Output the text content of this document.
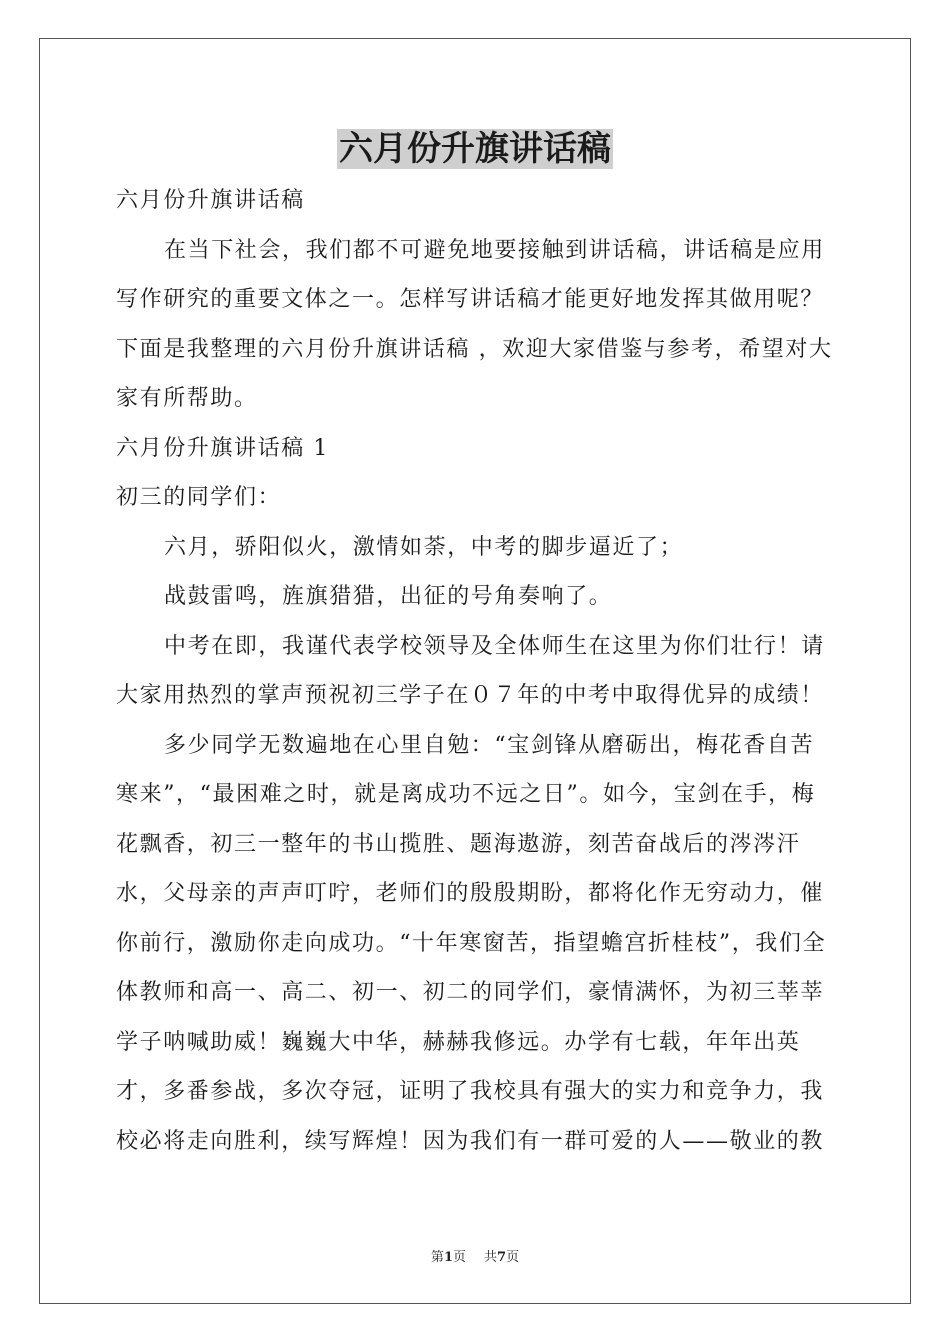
六月份升旗讲话稿

六月份升旗讲话稿

在当下社会，我们都不可避免地要接触到讲话稿，讲话稿是应用写作研究的重要文体之一。怎样写讲话稿才能更好地发挥其做用呢？下面是我整理的六月份升旗讲话稿 ，欢迎大家借鉴与参考，希望对大家有所帮助。

六月份升旗讲话稿 1

初三的同学们：

六月，骄阳似火，激情如荼，中考的脚步逼近了；

战鼓雷鸣，旌旗猎猎，出征的号角奏响了。

中考在即，我谨代表学校领导及全体师生在这里为你们壮行！请大家用热烈的掌声预祝初三学子在０７年的中考中取得优异的成绩！

多少同学无数遍地在心里自勉：“宝剑锋从磨砺出，梅花香自苦寒来”，“最困难之时，就是离成功不远之日”。如今，宝剑在手，梅花飘香，初三一整年的书山揽胜、题海遨游，刻苦奋战后的涔涔汗水，父母亲的声声叮咛，老师们的殷殷期盼，都将化作无穷动力，催你前行，激励你走向成功。“十年寒窗苦，指望蟾宫折桂枝”，我们全体教师和高一、高二、初一、初二的同学们，豪情满怀，为初三莘莘学子呐喊助威！巍巍大中华，赫赫我修远。办学有七载，年年出英才，多番参战，多次夺冠，证明了我校具有强大的实力和竞争力，我校必将走向胜利，续写辉煌！因为我们有一群可爱的人——敬业的教

第1页 共7页
